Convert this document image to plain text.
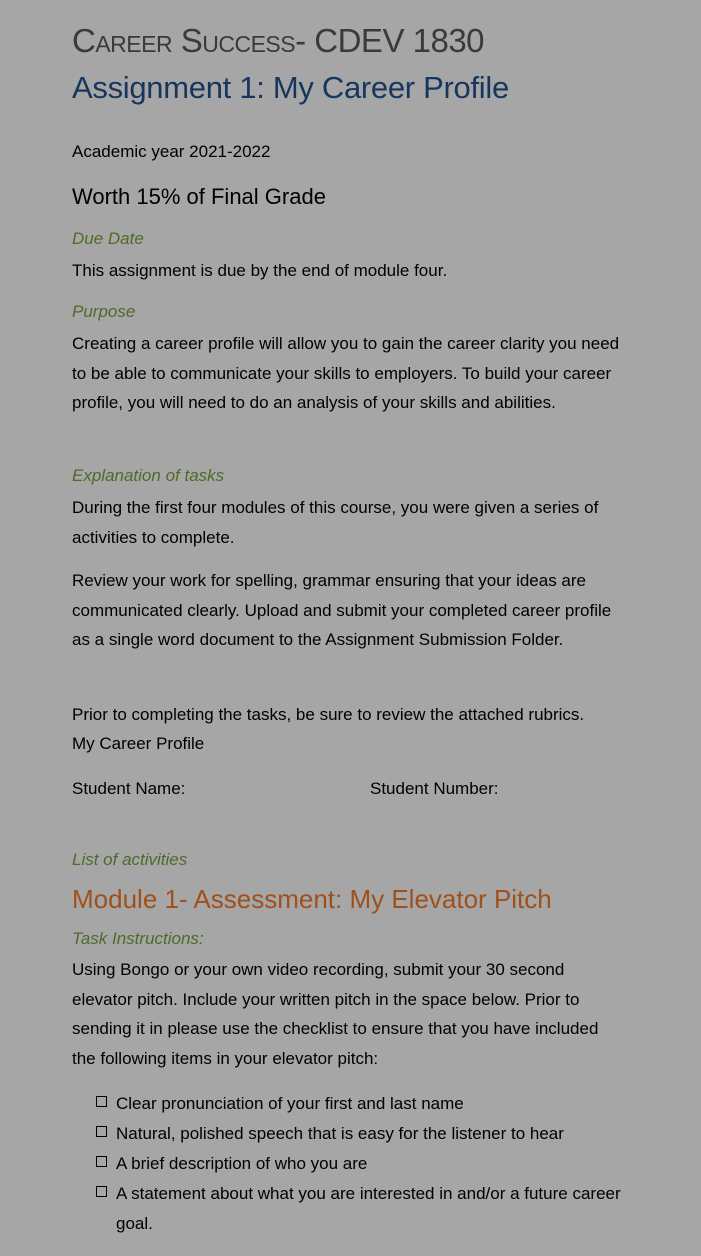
Career Success- CDEV 1830
Assignment 1: My Career Profile
Academic year 2021-2022
Worth 15% of Final Grade
Due Date
This assignment is due by the end of module four.
Purpose
Creating a career profile will allow you to gain the career clarity you need to be able to communicate your skills to employers. To build your career profile, you will need to do an analysis of your skills and abilities.
Explanation of tasks
During the first four modules of this course, you were given a series of activities to complete.
Review your work for spelling, grammar ensuring that your ideas are communicated clearly. Upload and submit your completed career profile as a single word document to the Assignment Submission Folder.
Prior to completing the tasks, be sure to review the attached rubrics.
My Career Profile
Student Name:	Student Number:
List of activities
Module 1- Assessment: My Elevator Pitch
Task Instructions:
Using Bongo or your own video recording, submit your 30 second elevator pitch. Include your written pitch in the space below. Prior to sending it in please use the checklist to ensure that you have included the following items in your elevator pitch:
Clear pronunciation of your first and last name
Natural, polished speech that is easy for the listener to hear
A brief description of who you are
A statement about what you are interested in and/or a future career goal.
